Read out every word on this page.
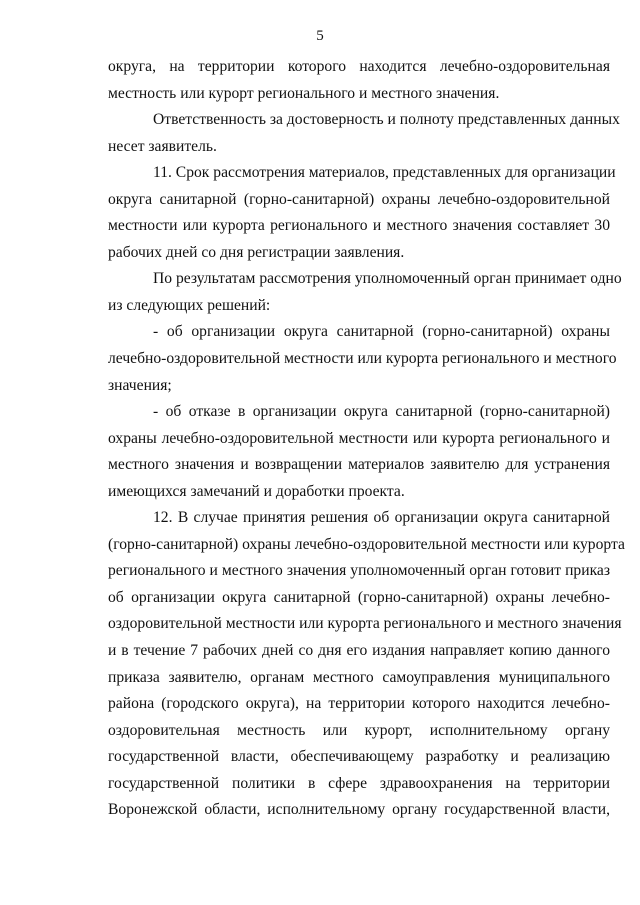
5
округа, на территории которого находится лечебно-оздоровительная
местность или курорт регионального и местного значения.
Ответственность за достоверность и полноту представленных данных
несет заявитель.
11. Срок рассмотрения материалов, представленных для организации
округа санитарной (горно-санитарной) охраны лечебно-оздоровительной
местности или курорта регионального и местного значения составляет 30
рабочих дней со дня регистрации заявления.
По результатам рассмотрения уполномоченный орган принимает одно
из следующих решений:
- об организации округа санитарной (горно-санитарной) охраны
лечебно-оздоровительной местности или курорта регионального и местного
значения;
- об отказе в организации округа санитарной (горно-санитарной)
охраны лечебно-оздоровительной местности или курорта регионального и
местного значения и возвращении материалов заявителю для устранения
имеющихся замечаний и доработки проекта.
12. В случае принятия решения об организации округа санитарной
(горно-санитарной) охраны лечебно-оздоровительной местности или курорта
регионального и местного значения уполномоченный орган готовит приказ
об организации округа санитарной (горно-санитарной) охраны лечебно-
оздоровительной местности или курорта регионального и местного значения
и в течение 7 рабочих дней со дня его издания направляет копию данного
приказа заявителю, органам местного самоуправления муниципального
района (городского округа), на территории которого находится лечебно-
оздоровительная местность или курорт, исполнительному органу
государственной власти, обеспечивающему разработку и реализацию
государственной политики в сфере здравоохранения на территории
Воронежской области, исполнительному органу государственной власти,
